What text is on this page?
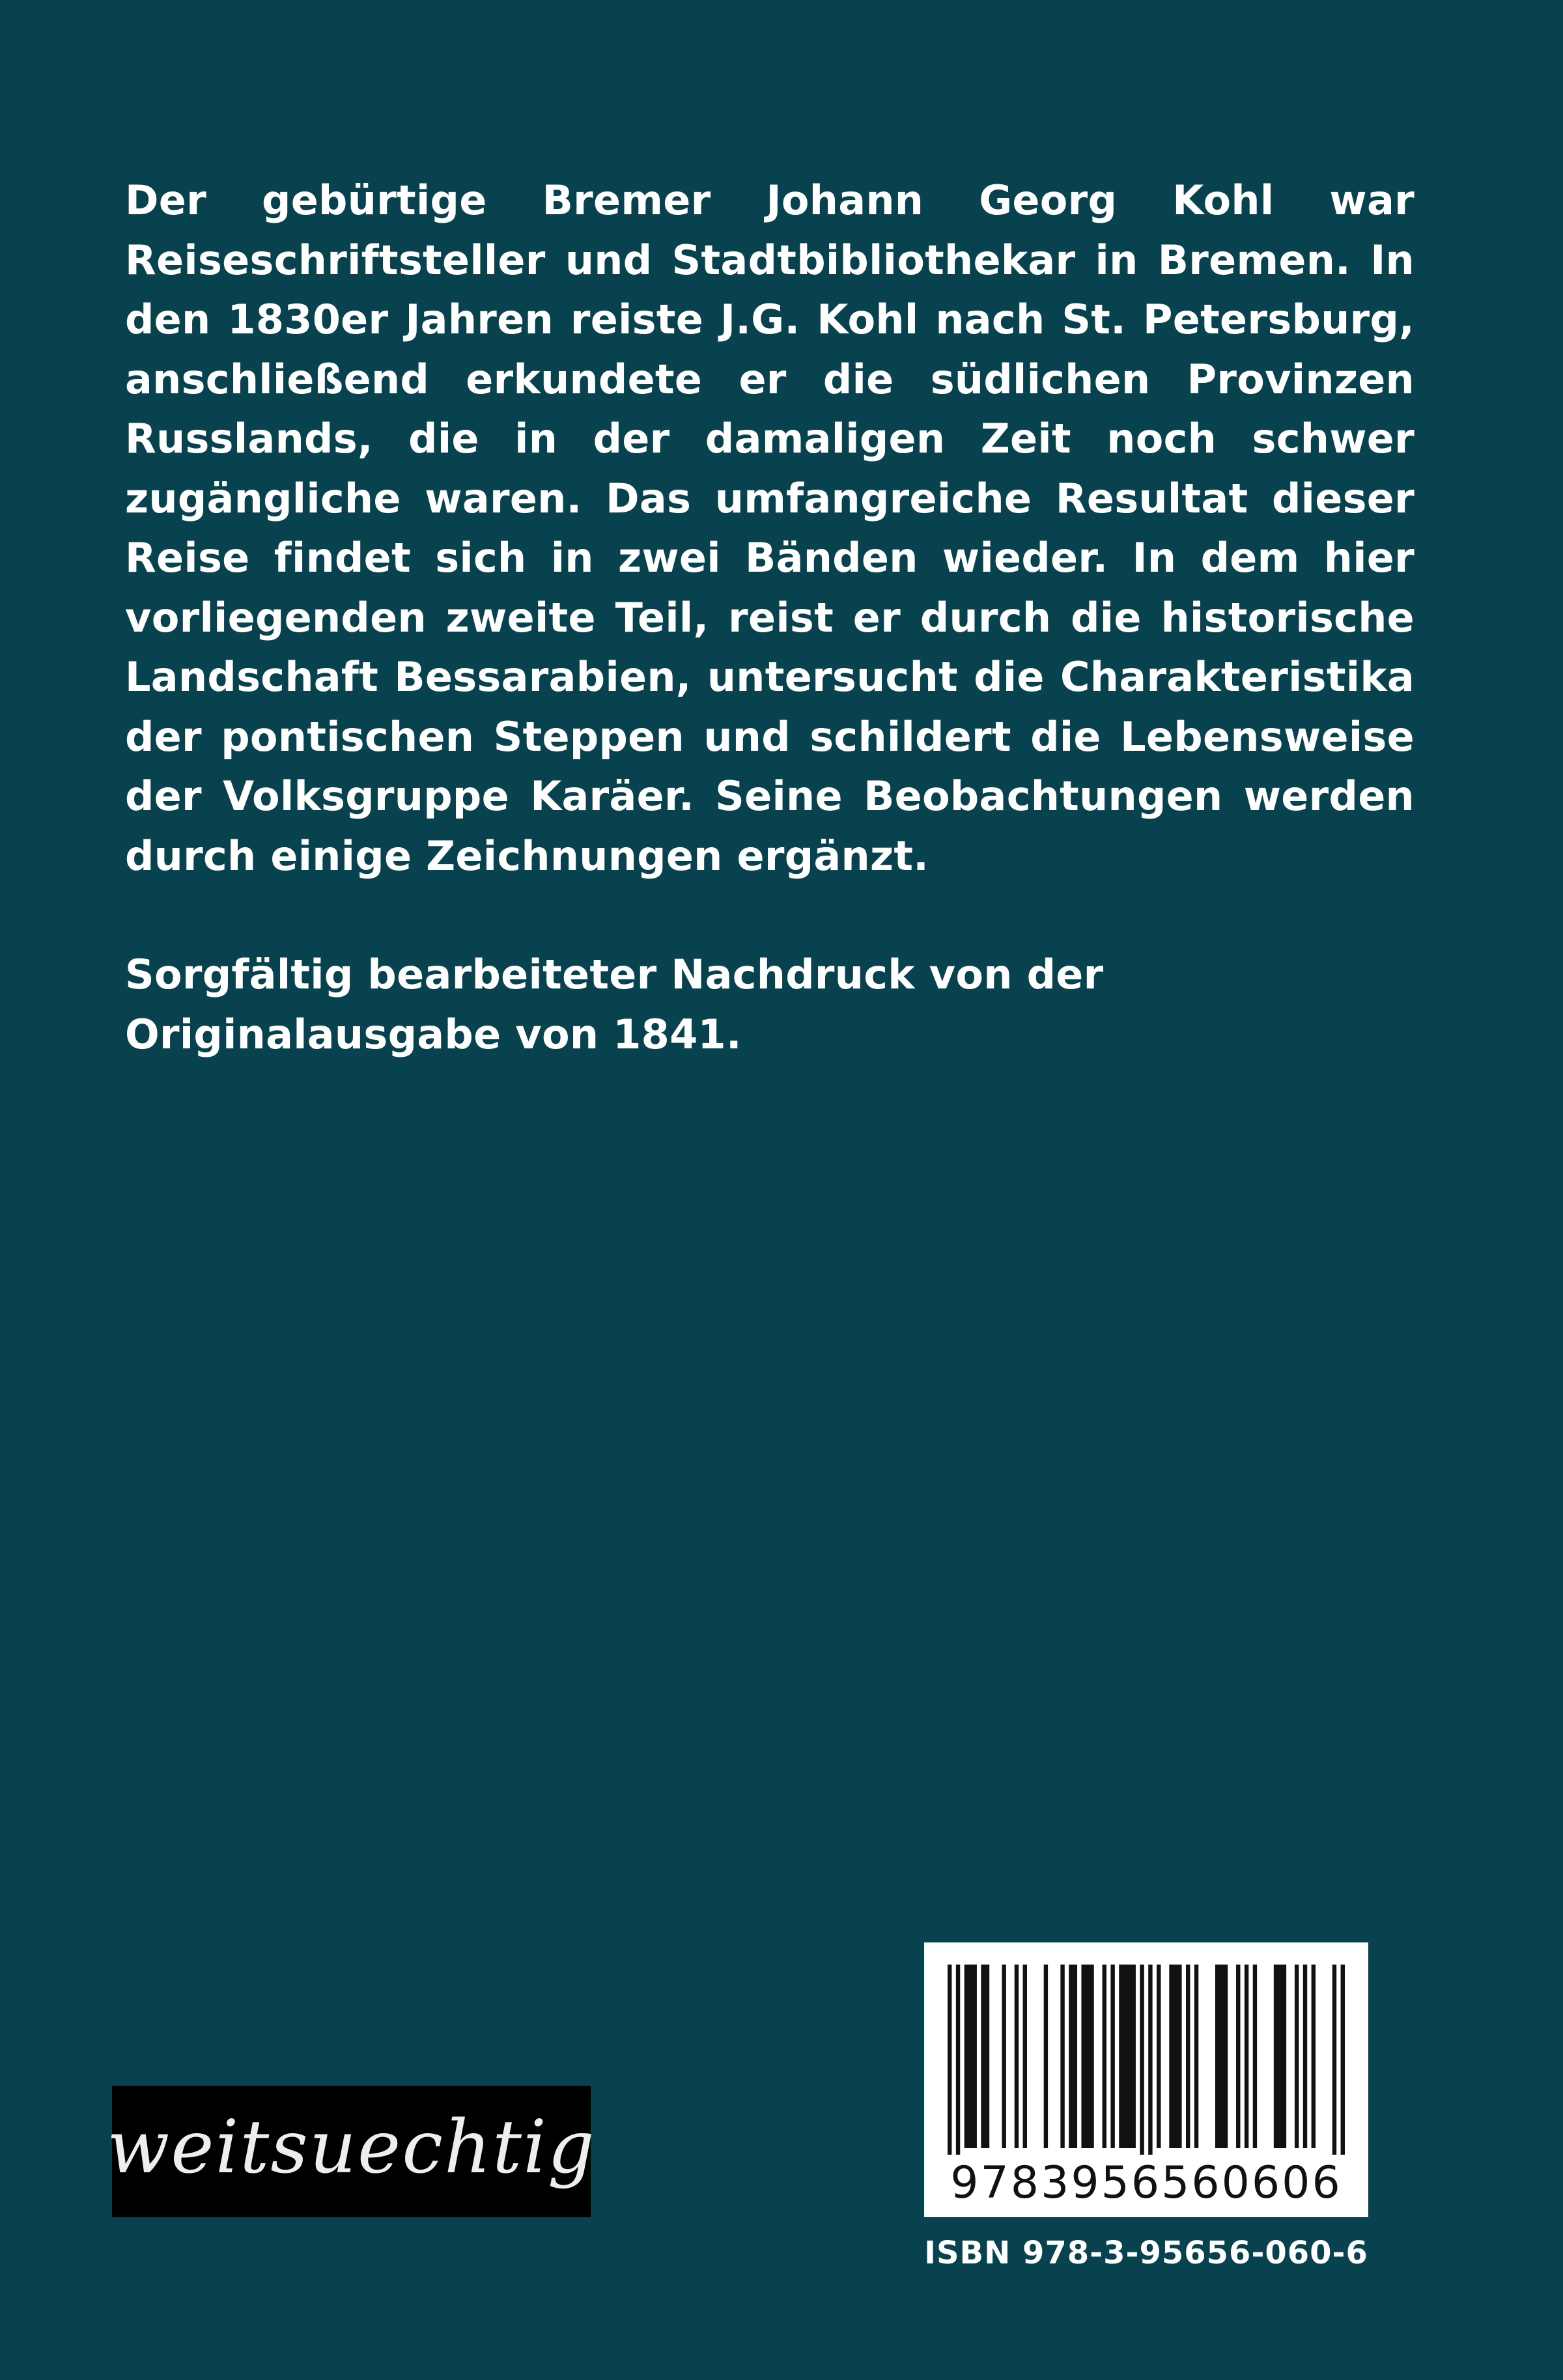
Der gebürtige Bremer Johann Georg Kohl war Reiseschriftsteller und Stadtbibliothekar in Bremen. In den 1830er Jahren reiste J.G. Kohl nach St. Petersburg, anschließend erkundete er die südlichen Provinzen Russlands, die in der damaligen Zeit noch schwer zugängliche waren. Das umfangreiche Resultat dieser Reise findet sich in zwei Bänden wieder. In dem hier vorliegenden zweite Teil, reist er durch die historische Landschaft Bessarabien, untersucht die Charakteristika der pontischen Steppen und schildert die Lebensweise der Volksgruppe Karäer. Seine Beobachtungen werden durch einige Zeichnungen ergänzt.

Sorgfältig bearbeiteter Nachdruck von der Originalausgabe von 1841.

weitsuechtig	9783956560606
ISBN 978-3-95656-060-6
